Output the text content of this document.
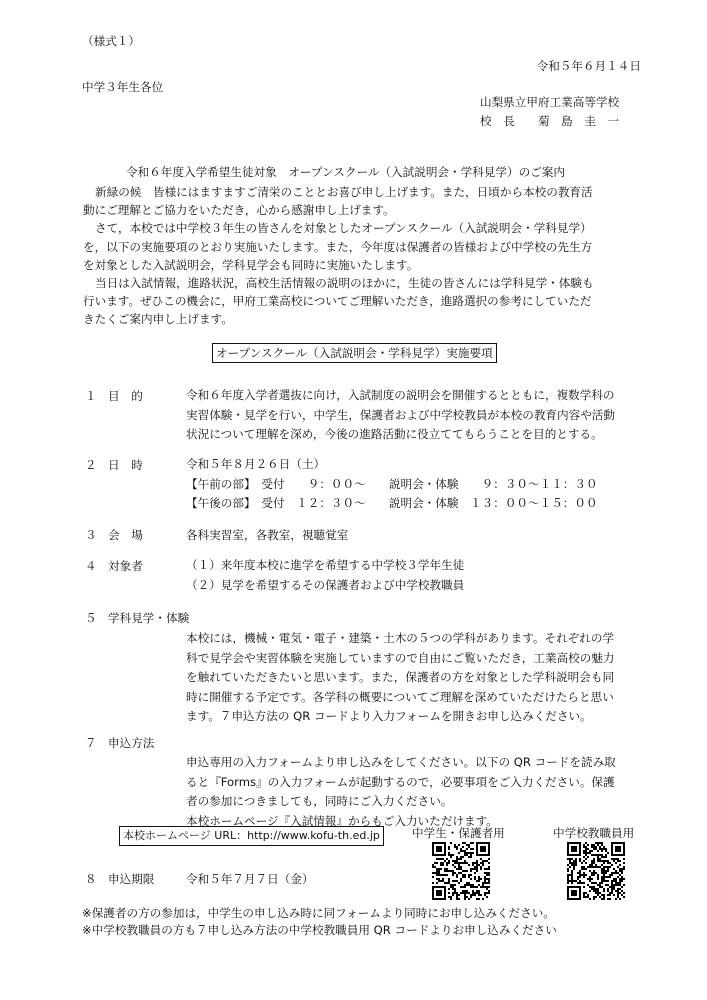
（様式１）
令和５年６月１４日
中学３年生各位
山梨県立甲府工業高等学校
校　長　　菊　島　圭　一
令和６年度入学希望生徒対象　オープンスクール（入試説明会・学科見学）のご案内
新緑の候　皆様にはますますご清栄のこととお喜び申し上げます。また，日頃から本校の教育活
動にご理解とご協力をいただき，心から感謝申し上げます。
さて，本校では中学校３年生の皆さんを対象としたオープンスクール（入試説明会・学科見学）
を，以下の実施要項のとおり実施いたします。また，今年度は保護者の皆様および中学校の先生方
を対象とした入試説明会，学科見学会も同時に実施いたします。
当日は入試情報，進路状況，高校生活情報の説明のほかに，生徒の皆さんには学科見学・体験も
行います。ぜひこの機会に，甲府工業高校についてご理解いただき，進路選択の参考にしていただ
きたくご案内申し上げます。
オープンスクール（入試説明会・学科見学）実施要項
１ 目　的	令和６年度入学者選抜に向け，入試制度の説明会を開催するとともに，複数学科の
実習体験・見学を行い，中学生，保護者および中学校教員が本校の教育内容や活動
状況について理解を深め，今後の進路活動に役立ててもらうことを目的とする。
２ 日　時	令和５年８月２６日（土）
【午前の部】　受付　　９：００～　　説明会・体験　　９：３０～１１：３０
【午後の部】　受付　１２：３０～　　説明会・体験　１３：００～１５：００
３ 会　場	各科実習室，各教室，視聴覚室
４ 対象者	（１）来年度本校に進学を希望する中学校３学年生徒
（２）見学を希望するその保護者および中学校教職員
５ 学科見学・体験
本校には，機械・電気・電子・建築・土木の５つの学科があります。それぞれの学
科で見学会や実習体験を実施していますので自由にご覧いただき，工業高校の魅力
を触れていただきたいと思います。また，保護者の方を対象とした学科説明会も同
時に開催する予定です。各学科の概要についてご理解を深めていただけたらと思い
ます。７申込方法の QR コードより入力フォームを開きお申し込みください。
７ 申込方法
申込専用の入力フォームより申し込みをしてください。以下の QR コードを読み取
ると『Forms』の入力フォームが起動するので，必要事項をご入力ください。保護
者の参加につきましても，同時にご入力ください。
本校ホームページ『入試情報』からもご入力いただけます。
本校ホームページ URL：http://www.kofu-th.ed.jp	中学生・保護者用	中学校教職員用
８ 申込期限	令和５年７月７日（金）
※保護者の方の参加は，中学生の申し込み時に同フォームより同時にお申し込みください。
※中学校教職員の方も７申し込み方法の中学校教職員用 QR コードよりお申し込みください
